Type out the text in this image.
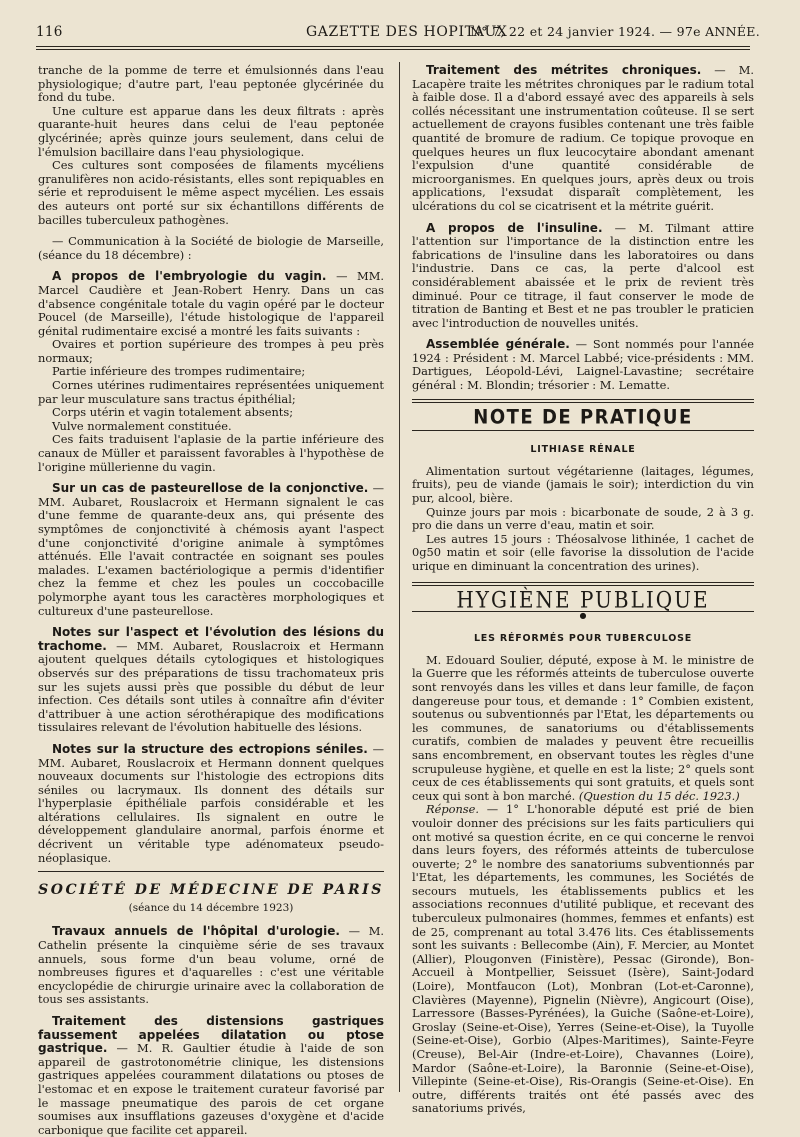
116	GAZETTE DES HOPITAUX
N° 7, 22 et 24 janvier 1924. — 97e ANNÉE.

tranche de la pomme de terre et émulsionnés dans l'eau physiologique; d'autre part, l'eau peptonée glycérinée du fond du tube.

Une culture est apparue dans les deux filtrats : après quarante-huit heures dans celui de l'eau peptonée glycérinée; après quinze jours seulement, dans celui de l'émulsion bacillaire dans l'eau physiologique.

Ces cultures sont composées de filaments mycéliens granulifères non acido-résistants, elles sont repiquables en série et reproduisent le même aspect mycélien. Les essais des auteurs ont porté sur six échantillons différents de bacilles tuberculeux pathogènes.

— Communication à la Société de biologie de Marseille, (séance du 18 décembre) :

A propos de l'embryologie du vagin. — MM. Marcel Caudière et Jean-Robert Henry. Dans un cas d'absence congénitale totale du vagin opéré par le docteur Poucel (de Marseille), l'étude histologique de l'appareil génital rudimentaire excisé a montré les faits suivants :

Ovaires et portion supérieure des trompes à peu près normaux;

Partie inférieure des trompes rudimentaire;

Cornes utérines rudimentaires représentées uniquement par leur musculature sans tractus épithélial;

Corps utérin et vagin totalement absents;

Vulve normalement constituée.

Ces faits traduisent l'aplasie de la partie inférieure des canaux de Müller et paraissent favorables à l'hypothèse de l'origine müllerienne du vagin.

Sur un cas de pasteurellose de la conjonctive. — MM. Aubaret, Rouslacroix et Hermann signalent le cas d'une femme de quarante-deux ans, qui présente des symptômes de conjonctivité à chémosis ayant l'aspect d'une conjonctivité d'origine animale à symptômes atténués. Elle l'avait contractée en soignant ses poules malades. L'examen bactériologique a permis d'identifier chez la femme et chez les poules un coccobacille polymorphe ayant tous les caractères morphologiques et cultureux d'une pasteurellose.

Notes sur l'aspect et l'évolution des lésions du trachome. — MM. Aubaret, Rouslacroix et Hermann ajoutent quelques détails cytologiques et histologiques observés sur des préparations de tissu trachomateux pris sur les sujets aussi près que possible du début de leur infection. Ces détails sont utiles à connaître afin d'éviter d'attribuer à une action sérothérapique des modifications tissulaires relevant de l'évolution habituelle des lésions.

Notes sur la structure des ectropions séniles. — MM. Aubaret, Rouslacroix et Hermann donnent quelques nouveaux documents sur l'histologie des ectropions dits séniles ou lacrymaux. Ils donnent des détails sur l'hyperplasie épithéliale parfois considérable et les altérations cellulaires. Ils signalent en outre le développement glandulaire anormal, parfois énorme et décrivent un véritable type adénomateux pseudo-néoplasique.

SOCIÉTÉ DE MÉDECINE DE PARIS
(séance du 14 décembre 1923)

Travaux annuels de l'hôpital d'urologie. — M. Cathelin présente la cinquième série de ses travaux annuels, sous forme d'un beau volume, orné de nombreuses figures et d'aquarelles : c'est une véritable encyclopédie de chirurgie urinaire avec la collaboration de tous ses assistants.

Traitement des distensions gastriques faussement appelées dilatation ou ptose gastrique. — M. R. Gaultier étudie à l'aide de son appareil de gastrotonométrie clinique, les distensions gastriques appelées couramment dilatations ou ptoses de l'estomac et en expose le traitement curateur favorisé par le massage pneumatique des parois de cet organe soumises aux insufflations gazeuses d'oxygène et d'acide carbonique que facilite cet appareil.

Traitement des métrites chroniques. — M. Lacapère traite les métrites chroniques par le radium total à faible dose. Il a d'abord essayé avec des appareils à sels collés nécessitant une instrumentation coûteuse. Il se sert actuellement de crayons fusibles contenant une très faible quantité de bromure de radium. Ce topique provoque en quelques heures un flux leucocytaire abondant amenant l'expulsion d'une quantité considérable de microorganismes. En quelques jours, après deux ou trois applications, l'exsudat disparaît complètement, les ulcérations du col se cicatrisent et la métrite guérit.

A propos de l'insuline. — M. Tilmant attire l'attention sur l'importance de la distinction entre les fabrications de l'insuline dans les laboratoires ou dans l'industrie. Dans ce cas, la perte d'alcool est considérablement abaissée et le prix de revient très diminué. Pour ce titrage, il faut conserver le mode de titration de Banting et Best et ne pas troubler le praticien avec l'introduction de nouvelles unités.

Assemblée générale. — Sont nommés pour l'année 1924 : Président : M. Marcel Labbé; vice-présidents : MM. Dartigues, Léopold-Lévi, Laignel-Lavastine; secrétaire général : M. Blondin; trésorier : M. Lematte.

NOTE DE PRATIQUE
LITHIASE RÉNALE

Alimentation surtout végétarienne (laitages, légumes, fruits), peu de viande (jamais le soir); interdiction du vin pur, alcool, bière.

Quinze jours par mois : bicarbonate de soude, 2 à 3 g. pro die dans un verre d'eau, matin et soir.

Les autres 15 jours : Théosalvose lithinée, 1 cachet de 0g50 matin et soir (elle favorise la dissolution de l'acide urique en diminuant la concentration des urines).

HYGIÈNE PUBLIQUE
●
LES RÉFORMÉS POUR TUBERCULOSE

M. Edouard Soulier, député, expose à M. le ministre de la Guerre que les réformés atteints de tuberculose ouverte sont renvoyés dans les villes et dans leur famille, de façon dangereuse pour tous, et demande : 1° Combien existent, soutenus ou subventionnés par l'Etat, les départements ou les communes, de sanatoriums ou d'établissements curatifs, combien de malades y peuvent être recueillis sans encombrement, en observant toutes les règles d'une scrupuleuse hygiène, et quelle en est la liste; 2° quels sont ceux de ces établissements qui sont gratuits, et quels sont ceux qui sont à bon marché. (Question du 15 déc. 1923.)

Réponse. — 1° L'honorable député est prié de bien vouloir donner des précisions sur les faits particuliers qui ont motivé sa question écrite, en ce qui concerne le renvoi dans leurs foyers, des réformés atteints de tuberculose ouverte; 2° le nombre des sanatoriums subventionnés par l'Etat, les départements, les communes, les Sociétés de secours mutuels, les établissements publics et les associations reconnues d'utilité publique, et recevant des tuberculeux pulmonaires (hommes, femmes et enfants) est de 25, comprenant au total 3.476 lits. Ces établissements sont les suivants : Bellecombe (Ain), F. Mercier, au Montet (Allier), Plougonven (Finistère), Pessac (Gironde), Bon-Accueil à Montpellier, Seissuet (Isère), Saint-Jodard (Loire), Montfaucon (Lot), Monbran (Lot-et-Caronne), Clavières (Mayenne), Pignelin (Nièvre), Angicourt (Oise), Larressore (Basses-Pyrénées), la Guiche (Saône-et-Loire), Groslay (Seine-et-Oise), Yerres (Seine-et-Oise), la Tuyolle (Seine-et-Oise), Gorbio (Alpes-Maritimes), Sainte-Feyre (Creuse), Bel-Air (Indre-et-Loire), Chavannes (Loire), Mardor (Saône-et-Loire), la Baronnie (Seine-et-Oise), Villepinte (Seine-et-Oise), Ris-Orangis (Seine-et-Oise). En outre, différents traités ont été passés avec des sanatoriums privés,
